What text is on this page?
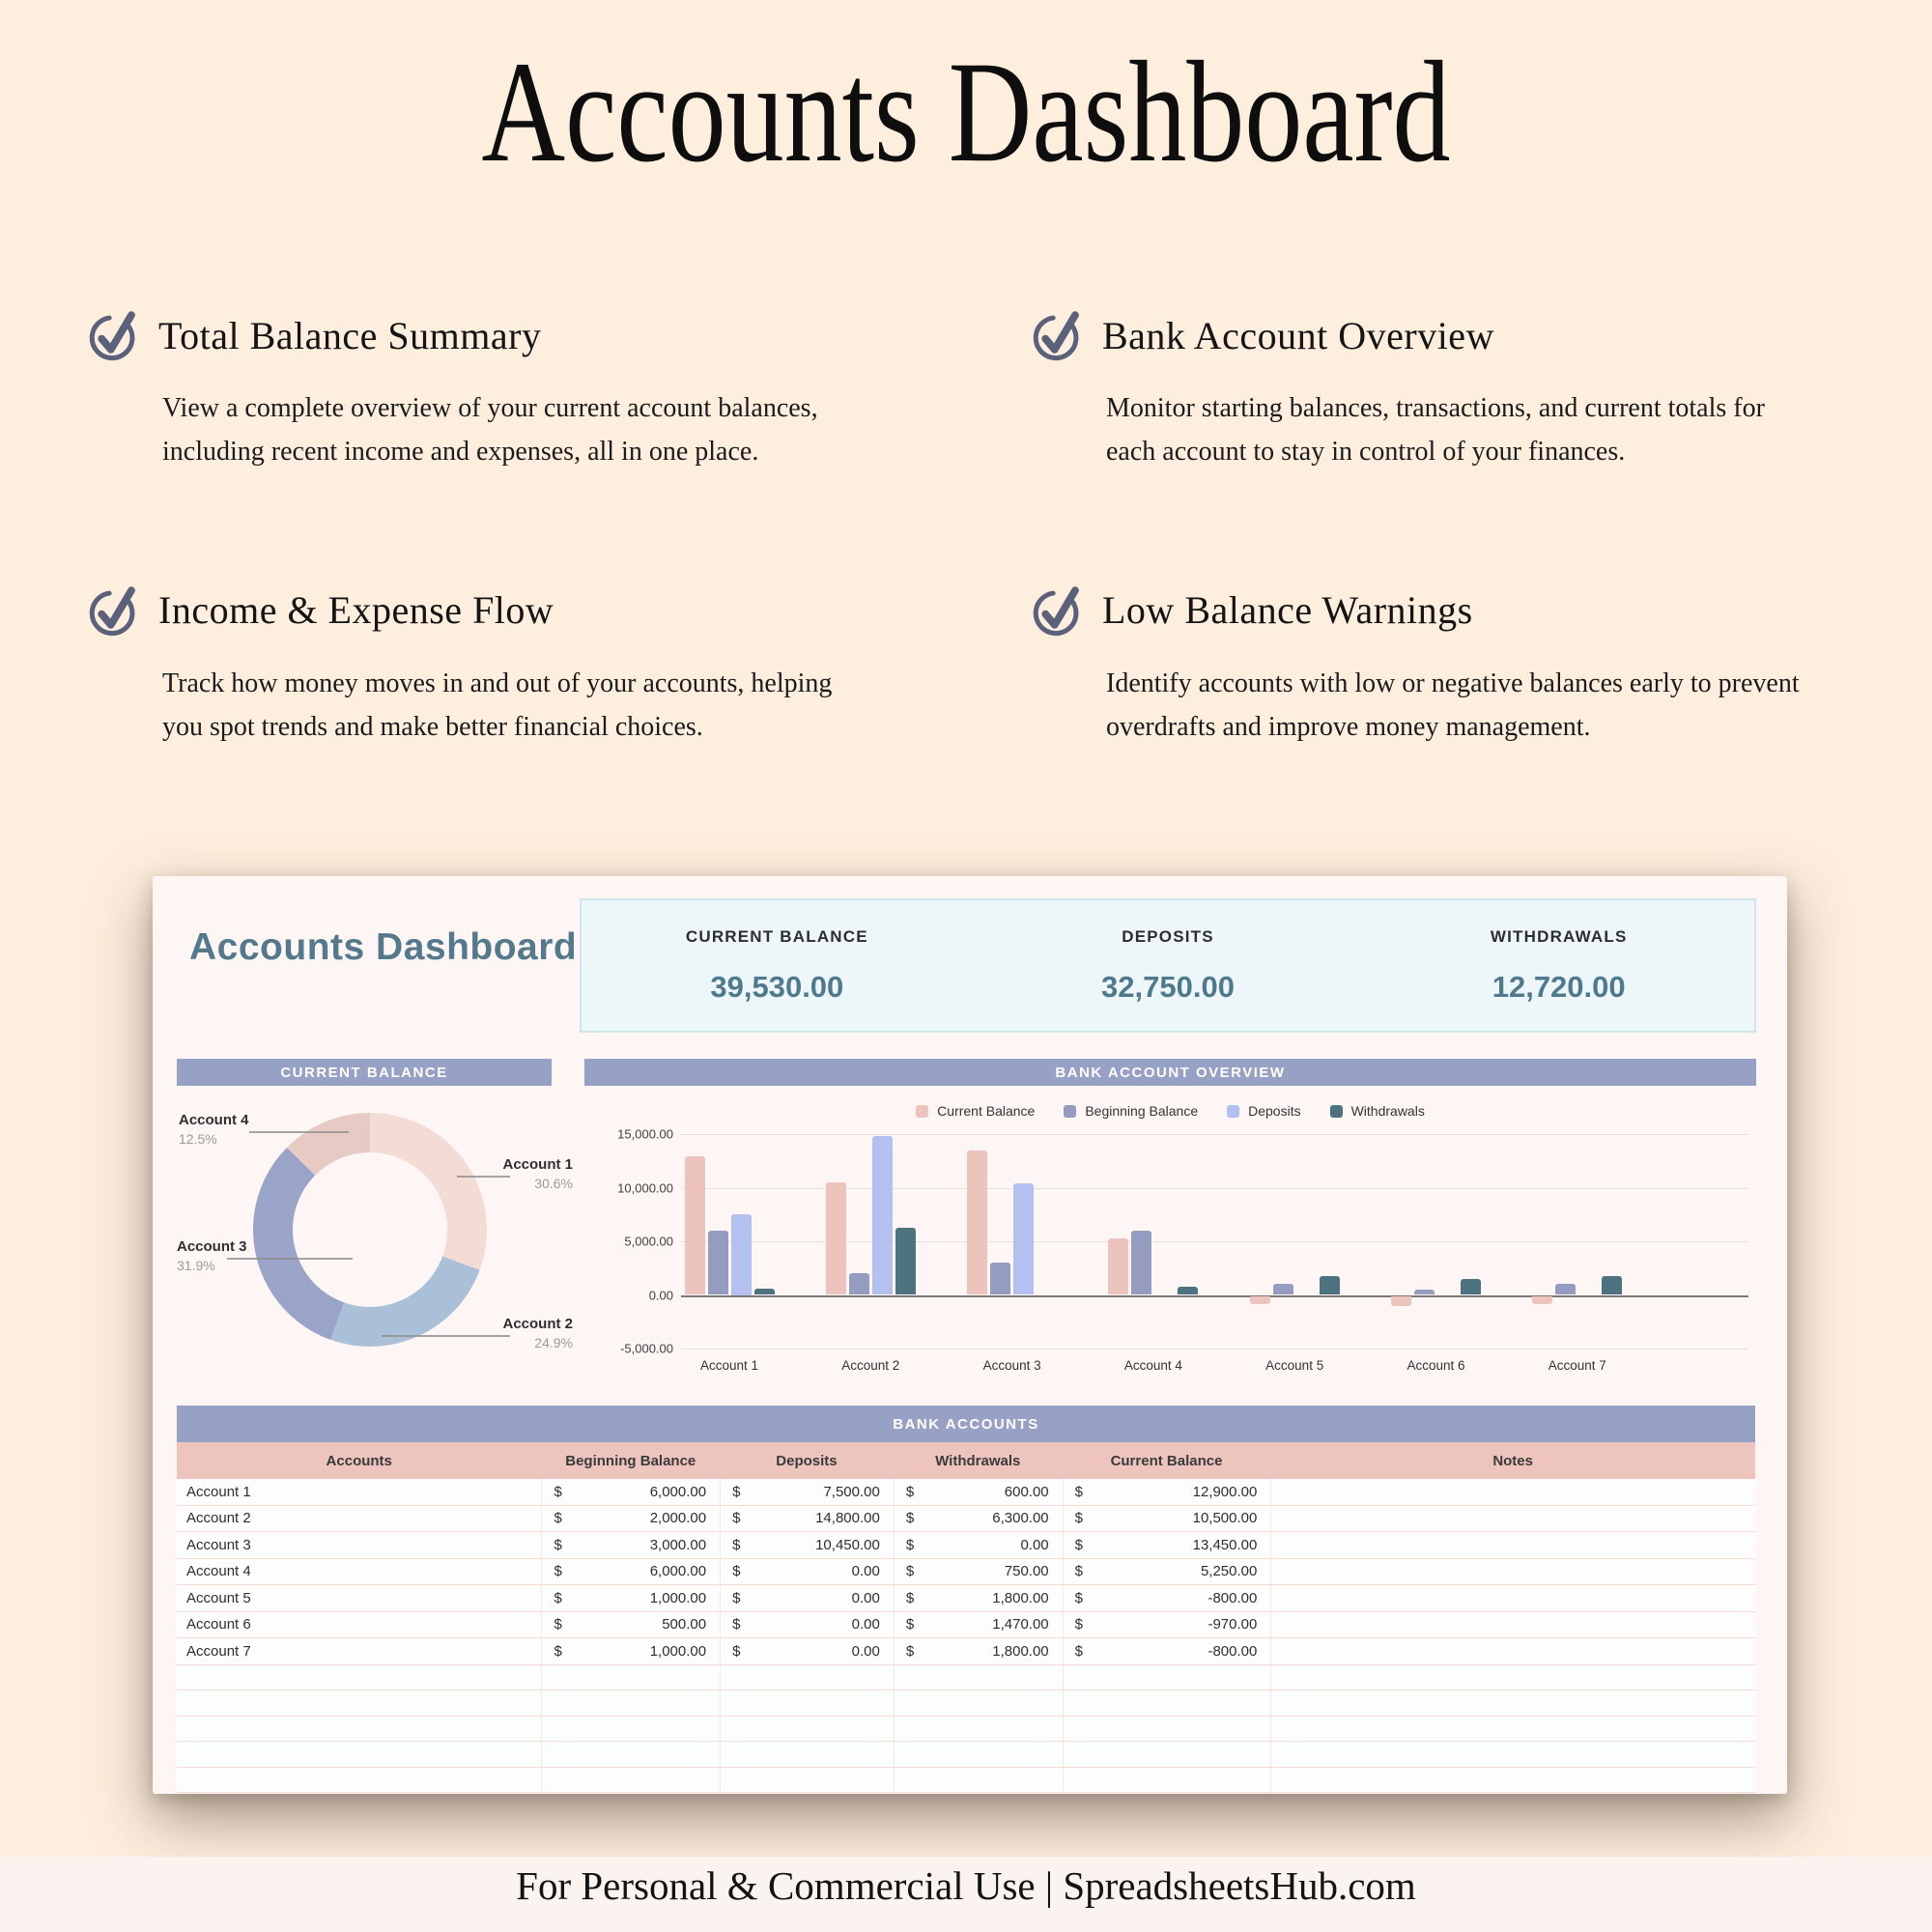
Accounts Dashboard
Total Balance Summary

View a complete overview of your current account balances, including recent income and expenses, all in one place.

Bank Account Overview

Monitor starting balances, transactions, and current totals for each account to stay in control of your finances.

Income & Expense Flow

Track how money moves in and out of your accounts, helping you spot trends and make better financial choices.

Low Balance Warnings

Identify accounts with low or negative balances early to prevent overdrafts and improve money management.

Accounts Dashboard	CURRENT BALANCE
39,530.00
DEPOSITS
32,750.00
WITHDRAWALS
12,720.00
CURRENT BALANCE	BANK ACCOUNT OVERVIEW
Account 1
30.6%
Account 2
24.9%
Account 3
31.9%
Account 4
12.5%
Current Balance	Beginning Balance	Deposits	Withdrawals
15,000.00
10,000.00
5,000.00
0.00
-5,000.00
Account 1	Account 2	Account 3	Account 4	Account 5	Account 6	Account 7
BANK ACCOUNTS
Accounts	Beginning Balance	Deposits	Withdrawals	Current Balance	Notes
Account 1	$	6,000.00 $	7,500.00 $	600.00 $	12,900.00
Account 2	$	2,000.00 $	14,800.00 $	6,300.00 $	10,500.00
Account 3	$	3,000.00 $	10,450.00 $	0.00 $	13,450.00
Account 4	$	6,000.00 $	0.00 $	750.00 $	5,250.00
Account 5	$	1,000.00 $	0.00 $	1,800.00 $	-800.00
Account 6	$	500.00 $	0.00 $	1,470.00 $	-970.00
Account 7	$	1,000.00 $	0.00 $	1,800.00 $	-800.00
For Personal & Commercial Use | SpreadsheetsHub.com
